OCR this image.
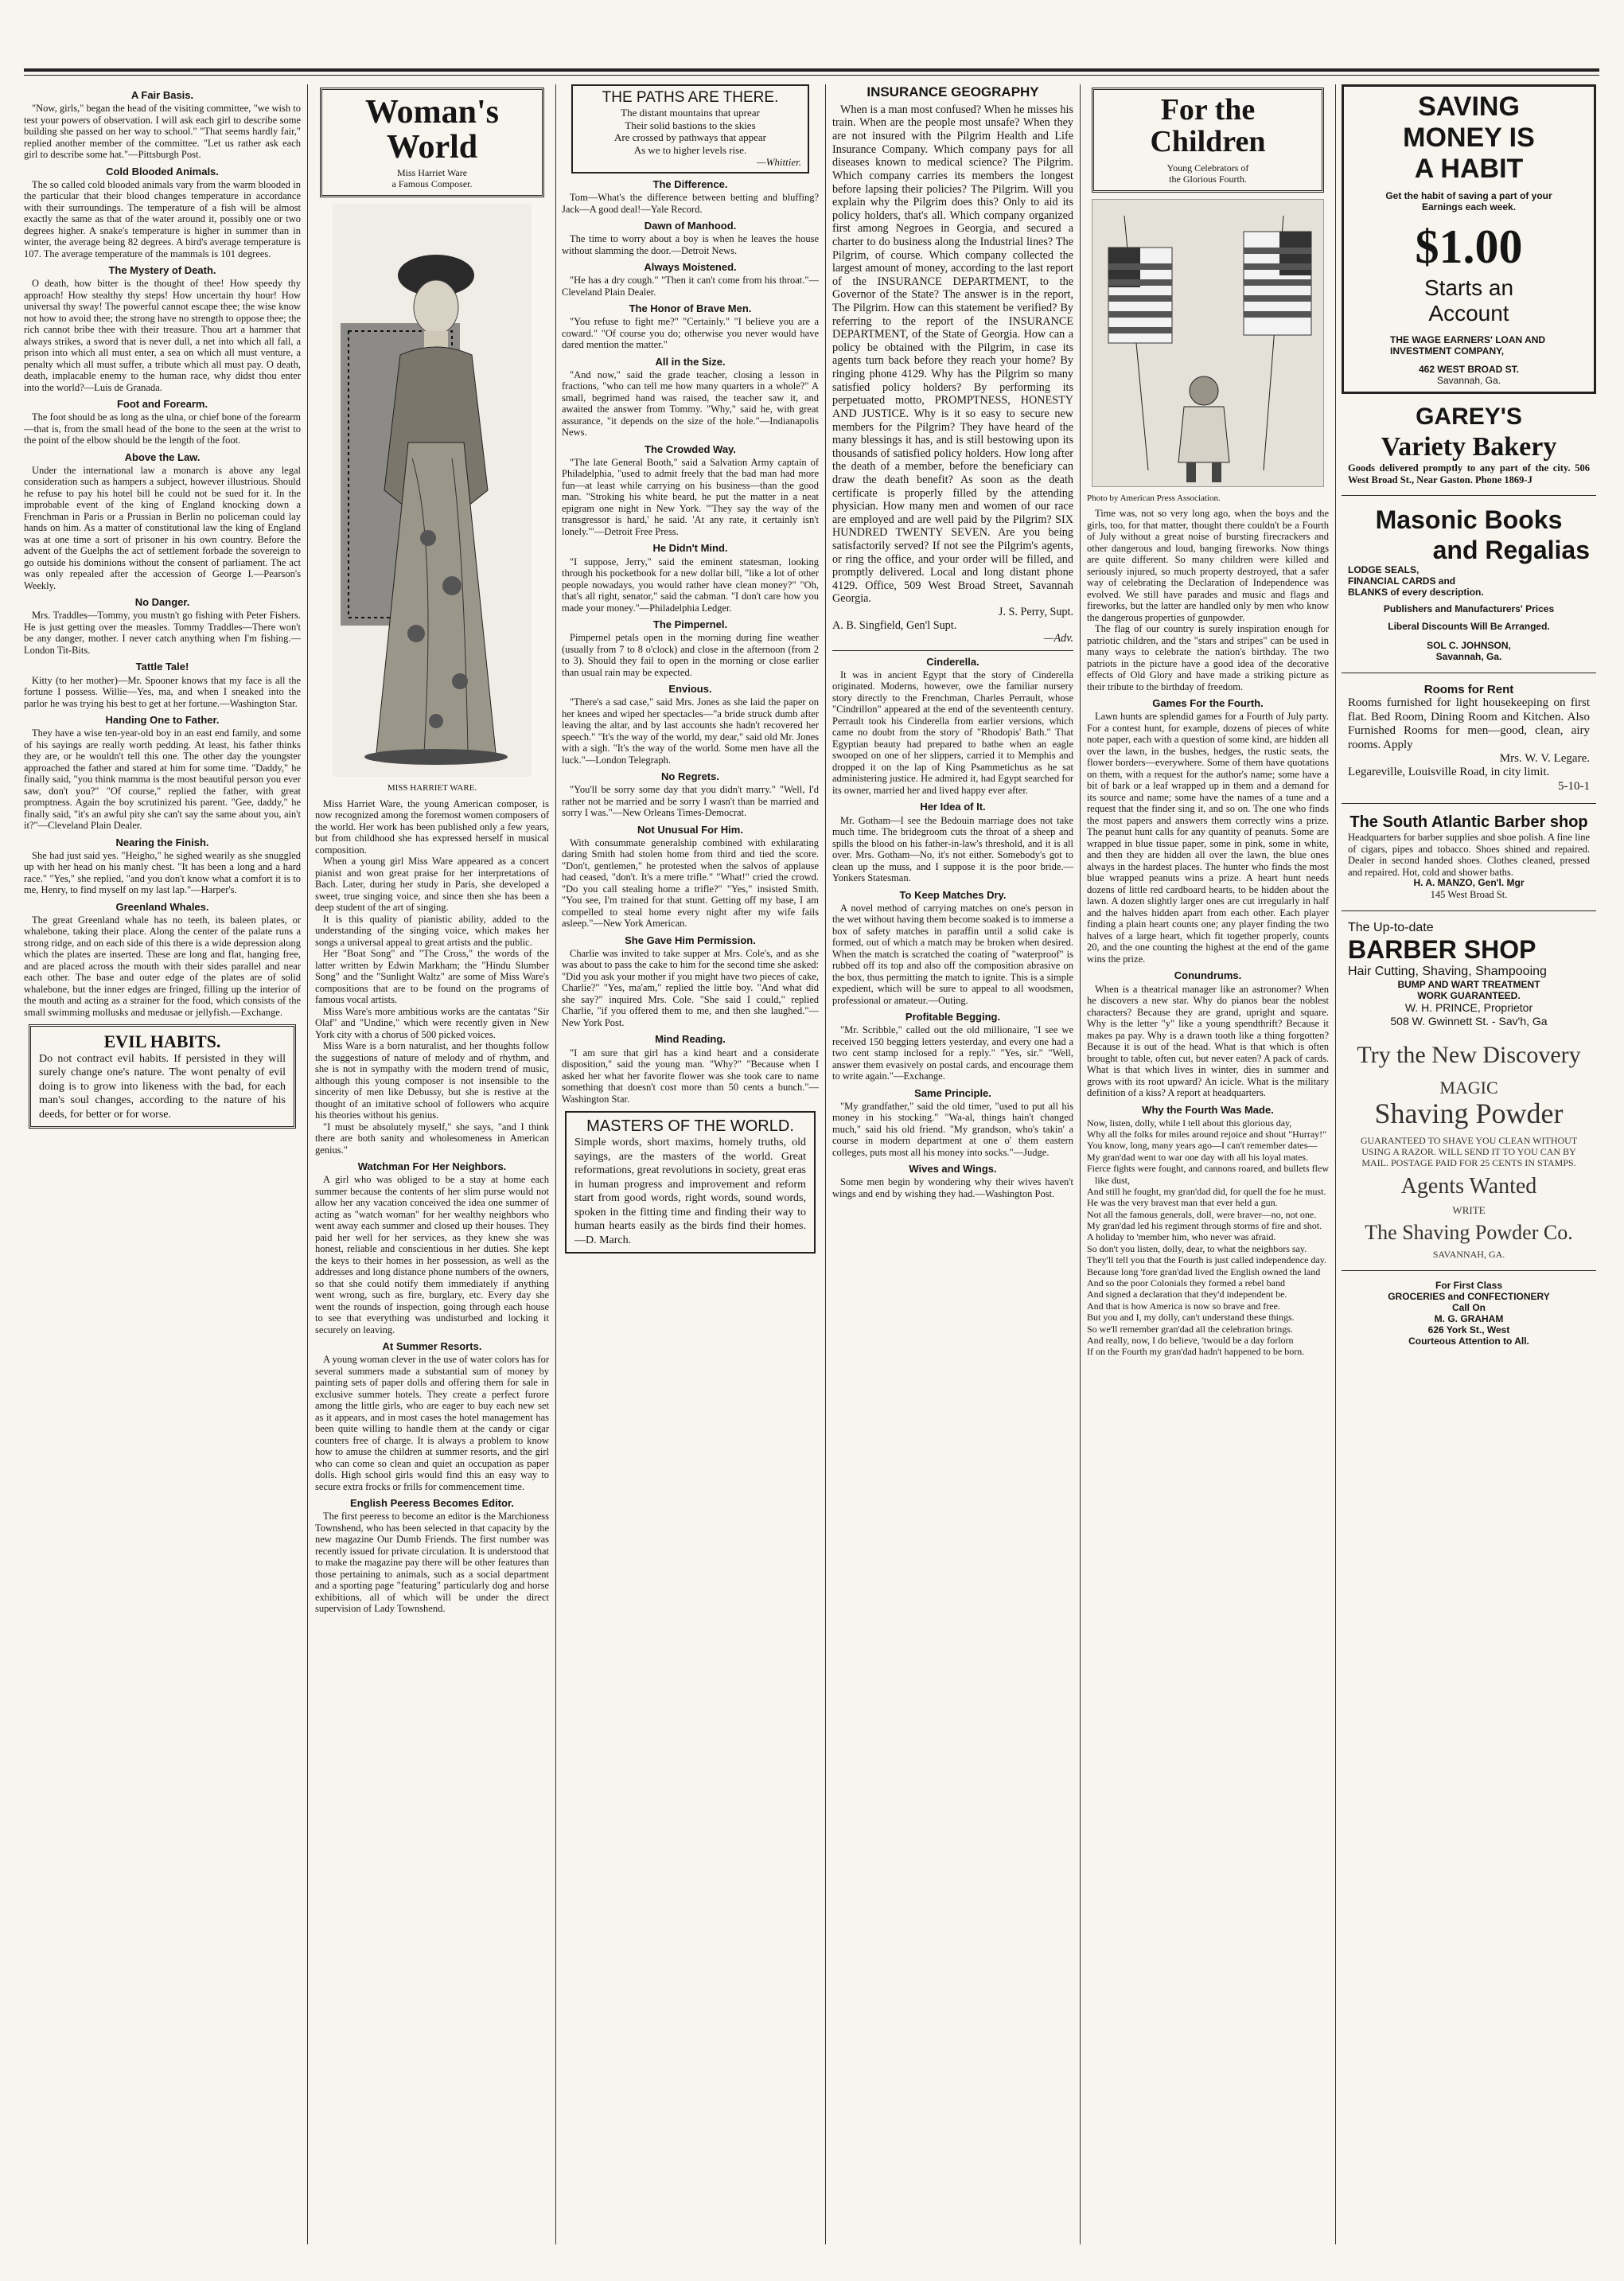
A Fair Basis.

"Now, girls," began the head of the visiting committee, "we wish to test your powers of observation. I will ask each girl to describe some building she passed on her way to school." "That seems hardly fair," replied another member of the committee. "Let us rather ask each girl to describe some hat."—Pittsburgh Post.

Cold Blooded Animals.

The so called cold blooded animals vary from the warm blooded in the particular that their blood changes temperature in accordance with their surroundings. The temperature of a fish will be almost exactly the same as that of the water around it, possibly one or two degrees higher. A snake's temperature is higher in summer than in winter, the average being 82 degrees. A bird's average temperature is 107. The average temperature of the mammals is 101 degrees.

The Mystery of Death.

O death, how bitter is the thought of thee! How speedy thy approach! How stealthy thy steps! How uncertain thy hour! How universal thy sway! The powerful cannot escape thee; the wise know not how to avoid thee; the strong have no strength to oppose thee; the rich cannot bribe thee with their treasure. Thou art a hammer that always strikes, a sword that is never dull, a net into which all fall, a prison into which all must enter, a sea on which all must venture, a penalty which all must suffer, a tribute which all must pay. O death, death, implacable enemy to the human race, why didst thou enter into the world?—Luis de Granada.

Foot and Forearm.

The foot should be as long as the ulna, or chief bone of the forearm—that is, from the small head of the bone to the seen at the wrist to the point of the elbow should be the length of the foot.

Above the Law.

Under the international law a monarch is above any legal consideration such as hampers a subject, however illustrious. Should he refuse to pay his hotel bill he could not be sued for it. In the improbable event of the king of England knocking down a Frenchman in Paris or a Prussian in Berlin no policeman could lay hands on him. As a matter of constitutional law the king of England was at one time a sort of prisoner in his own country. Before the advent of the Guelphs the act of settlement forbade the sovereign to go outside his dominions without the consent of parliament. The act was only repealed after the accession of George I.—Pearson's Weekly.

No Danger.

Mrs. Traddles—Tommy, you mustn't go fishing with Peter Fishers. He is just getting over the measles. Tommy Traddles—There won't be any danger, mother. I never catch anything when I'm fishing.—London Tit-Bits.

Tattle Tale!

Kitty (to her mother)—Mr. Spooner knows that my face is all the fortune I possess. Willie—Yes, ma, and when I sneaked into the parlor he was trying his best to get at her fortune.—Washington Star.

Handing One to Father.

They have a wise ten-year-old boy in an east end family, and some of his sayings are really worth pedding. At least, his father thinks they are, or he wouldn't tell this one. The other day the youngster approached the father and stared at him for some time. "Daddy," he finally said, "you think mamma is the most beautiful person you ever saw, don't you?" "Of course," replied the father, with great promptness. Again the boy scrutinized his parent. "Gee, daddy," he finally said, "it's an awful pity she can't say the same about you, ain't it?"—Cleveland Plain Dealer.

Nearing the Finish.

She had just said yes. "Heigho," he sighed wearily as she snuggled up with her head on his manly chest. "It has been a long and a hard race." "Yes," she replied, "and you don't know what a comfort it is to me, Henry, to find myself on my last lap."—Harper's.

Greenland Whales.

The great Greenland whale has no teeth, its baleen plates, or whalebone, taking their place. Along the center of the palate runs a strong ridge, and on each side of this there is a wide depression along which the plates are inserted. These are long and flat, hanging free, and are placed across the mouth with their sides parallel and near each other. The base and outer edge of the plates are of solid whalebone, but the inner edges are fringed, filling up the interior of the mouth and acting as a strainer for the food, which consists of the small swimming mollusks and medusae or jellyfish.—Exchange.

EVIL HABITS.
Do not contract evil habits. If persisted in they will surely change one's nature. The wont penalty of evil doing is to grow into likeness with the bad, for each man's soul changes, according to the nature of his deeds, for better or for worse.
Woman's World
Miss Harriet Ware
a Famous Composer.
MISS HARRIET WARE.

Miss Harriet Ware, the young American composer, is now recognized among the foremost women composers of the world. Her work has been published only a few years, but from childhood she has expressed herself in musical composition.

When a young girl Miss Ware appeared as a concert pianist and won great praise for her interpretations of Bach. Later, during her study in Paris, she developed a sweet, true singing voice, and since then she has been a deep student of the art of singing.

It is this quality of pianistic ability, added to the understanding of the singing voice, which makes her songs a universal appeal to great artists and the public.

Her "Boat Song" and "The Cross," the words of the latter written by Edwin Markham; the "Hindu Slumber Song" and the "Sunlight Waltz" are some of Miss Ware's compositions that are to be found on the programs of famous vocal artists.

Miss Ware's more ambitious works are the cantatas "Sir Olaf" and "Undine," which were recently given in New York city with a chorus of 500 picked voices.

Miss Ware is a born naturalist, and her thoughts follow the suggestions of nature of melody and of rhythm, and she is not in sympathy with the modern trend of music, although this young composer is not insensible to the sincerity of men like Debussy, but she is restive at the thought of an imitative school of followers who acquire his theories without his genius.

"I must be absolutely myself," she says, "and I think there are both sanity and wholesomeness in American genius."

Watchman For Her Neighbors.

A girl who was obliged to be a stay at home each summer because the contents of her slim purse would not allow her any vacation conceived the idea one summer of acting as "watch woman" for her wealthy neighbors who went away each summer and closed up their houses. They paid her well for her services, as they knew she was honest, reliable and conscientious in her duties. She kept the keys to their homes in her possession, as well as the addresses and long distance phone numbers of the owners, so that she could notify them immediately if anything went wrong, such as fire, burglary, etc. Every day she went the rounds of inspection, going through each house to see that everything was undisturbed and locking it securely on leaving.

At Summer Resorts.

A young woman clever in the use of water colors has for several summers made a substantial sum of money by painting sets of paper dolls and offering them for sale in exclusive summer hotels. They create a perfect furore among the little girls, who are eager to buy each new set as it appears, and in most cases the hotel management has been quite willing to handle them at the candy or cigar counters free of charge. It is always a problem to know how to amuse the children at summer resorts, and the girl who can come so clean and quiet an occupation as paper dolls. High school girls would find this an easy way to secure extra frocks or frills for commencement time.

English Peeress Becomes Editor.

The first peeress to become an editor is the Marchioness Townshend, who has been selected in that capacity by the new magazine Our Dumb Friends. The first number was recently issued for private circulation. It is understood that to make the magazine pay there will be other features than those pertaining to animals, such as a social department and a sporting page "featuring" particularly dog and horse exhibitions, all of which will be under the direct supervision of Lady Townshend.

THE PATHS ARE THERE.
The distant mountains that uprear
Their solid bastions to the skies
Are crossed by pathways that appear
As we to higher levels rise.
—Whittier.
The Difference.

Tom—What's the difference between betting and bluffing? Jack—A good deal!—Yale Record.

Dawn of Manhood.

The time to worry about a boy is when he leaves the house without slamming the door.—Detroit News.

Always Moistened.

"He has a dry cough." "Then it can't come from his throat."—Cleveland Plain Dealer.

The Honor of Brave Men.

"You refuse to fight me?" "Certainly." "I believe you are a coward." "Of course you do; otherwise you never would have dared mention the matter."

All in the Size.

"And now," said the grade teacher, closing a lesson in fractions, "who can tell me how many quarters in a whole?" A small, begrimed hand was raised, the teacher saw it, and awaited the answer from Tommy. "Why," said he, with great assurance, "it depends on the size of the hole."—Indianapolis News.

The Crowded Way.

"The late General Booth," said a Salvation Army captain of Philadelphia, "used to admit freely that the bad man had more fun—at least while carrying on his business—than the good man. "Stroking his white beard, he put the matter in a neat epigram one night in New York. "'They say the way of the transgressor is hard,' he said. 'At any rate, it certainly isn't lonely.'"—Detroit Free Press.

He Didn't Mind.

"I suppose, Jerry," said the eminent statesman, looking through his pocketbook for a new dollar bill, "like a lot of other people nowadays, you would rather have clean money?" "Oh, that's all right, senator," said the cabman. "I don't care how you made your money."—Philadelphia Ledger.

The Pimpernel.

Pimpernel petals open in the morning during fine weather (usually from 7 to 8 o'clock) and close in the afternoon (from 2 to 3). Should they fail to open in the morning or close earlier than usual rain may be expected.

Envious.

"There's a sad case," said Mrs. Jones as she laid the paper on her knees and wiped her spectacles—"a bride struck dumb after leaving the altar, and by last accounts she hadn't recovered her speech." "It's the way of the world, my dear," said old Mr. Jones with a sigh. "It's the way of the world. Some men have all the luck."—London Telegraph.

No Regrets.

"You'll be sorry some day that you didn't marry." "Well, I'd rather not be married and be sorry I wasn't than be married and sorry I was."—New Orleans Times-Democrat.

Not Unusual For Him.

With consummate generalship combined with exhilarating daring Smith had stolen home from third and tied the score. "Don't, gentlemen," he protested when the salvos of applause had ceased, "don't. It's a mere trifle." "What!" cried the crowd. "Do you call stealing home a trifle?" "Yes," insisted Smith. "You see, I'm trained for that stunt. Getting off my base, I am compelled to steal home every night after my wife fails asleep."—New York American.

She Gave Him Permission.

Charlie was invited to take supper at Mrs. Cole's, and as she was about to pass the cake to him for the second time she asked: "Did you ask your mother if you might have two pieces of cake, Charlie?" "Yes, ma'am," replied the little boy. "And what did she say?" inquired Mrs. Cole. "She said I could," replied Charlie, "if you offered them to me, and then she laughed."—New York Post.

Mind Reading.

"I am sure that girl has a kind heart and a considerate disposition," said the young man. "Why?" "Because when I asked her what her favorite flower was she took care to name something that doesn't cost more than 50 cents a bunch."—Washington Star.

MASTERS OF THE WORLD.
Simple words, short maxims, homely truths, old sayings, are the masters of the world. Great reformations, great revolutions in society, great eras in human progress and improvement and reform start from good words, right words, sound words, spoken in the fitting time and finding their way to human hearts easily as the birds find their homes.—D. March.
INSURANCE GEOGRAPHY

When is a man most confused? When he misses his train. When are the people most unsafe? When they are not insured with the Pilgrim Health and Life Insurance Company. Which company pays for all diseases known to medical science? The Pilgrim. Which company carries its members the longest before lapsing their policies? The Pilgrim. Will you explain why the Pilgrim does this? Only to aid its policy holders, that's all. Which company organized first among Negroes in Georgia, and secured a charter to do business along the Industrial lines? The Pilgrim, of course. Which company collected the largest amount of money, according to the last report of the INSURANCE DEPARTMENT, to the Governor of the State? The answer is in the report, The Pilgrim. How can this statement be verified? By referring to the report of the INSURANCE DEPARTMENT, of the State of Georgia. How can a policy be obtained with the Pilgrim, in case its agents turn back before they reach your home? By ringing phone 4129. Why has the Pilgrim so many satisfied policy holders? By performing its perpetuated motto, PROMPTNESS, HONESTY AND JUSTICE. Why is it so easy to secure new members for the Pilgrim? They have heard of the many blessings it has, and is still bestowing upon its thousands of satisfied policy holders. How long after the death of a member, before the beneficiary can draw the death benefit? As soon as the death certificate is properly filled by the attending physician. How many men and women of our race are employed and are well paid by the Pilgrim? SIX HUNDRED TWENTY SEVEN. Are you being satisfactorily served? If not see the Pilgrim's agents, or ring the office, and your order will be filled, and promptly delivered. Local and long distant phone 4129. Office, 509 West Broad Street, Savannah Georgia.

J. S. Perry, Supt.
A. B. Singfield, Gen'l Supt.
—Adv.
Cinderella.

It was in ancient Egypt that the story of Cinderella originated. Moderns, however, owe the familiar nursery story directly to the Frenchman, Charles Perrault, whose "Cindrillon" appeared at the end of the seventeenth century. Perrault took his Cinderella from earlier versions, which came no doubt from the story of "Rhodopis' Bath." That Egyptian beauty had prepared to bathe when an eagle swooped on one of her slippers, carried it to Memphis and dropped it on the lap of King Psammetichus as he sat administering justice. He admired it, had Egypt searched for its owner, married her and lived happy ever after.

Her Idea of It.

Mr. Gotham—I see the Bedouin marriage does not take much time. The bridegroom cuts the throat of a sheep and spills the blood on his father-in-law's threshold, and it is all over. Mrs. Gotham—No, it's not either. Somebody's got to clean up the muss, and I suppose it is the poor bride.—Yonkers Statesman.

To Keep Matches Dry.

A novel method of carrying matches on one's person in the wet without having them become soaked is to immerse a box of safety matches in paraffin until a solid cake is formed, out of which a match may be broken when desired. When the match is scratched the coating of "waterproof" is rubbed off its top and also off the composition abrasive on the box, thus permitting the match to ignite. This is a simple expedient, which will be sure to appeal to all woodsmen, professional or amateur.—Outing.

Profitable Begging.

"Mr. Scribble," called out the old millionaire, "I see we received 150 begging letters yesterday, and every one had a two cent stamp inclosed for a reply." "Yes, sir." "Well, answer them evasively on postal cards, and encourage them to write again."—Exchange.

Same Principle.

"My grandfather," said the old timer, "used to put all his money in his stocking." "Wa-al, things hain't changed much," said his old friend. "My grandson, who's takin' a course in modern department at one o' them eastern colleges, puts most all his money into socks."—Judge.

Wives and Wings.

Some men begin by wondering why their wives haven't wings and end by wishing they had.—Washington Post.

For the Children
Young Celebrators of
the Glorious Fourth.
Photo by American Press Association.

Time was, not so very long ago, when the boys and the girls, too, for that matter, thought there couldn't be a Fourth of July without a great noise of bursting firecrackers and other dangerous and loud, banging fireworks. Now things are quite different. So many children were killed and seriously injured, so much property destroyed, that a safer way of celebrating the Declaration of Independence was evolved. We still have parades and music and flags and fireworks, but the latter are handled only by men who know the dangerous properties of gunpowder.

The flag of our country is surely inspiration enough for patriotic children, and the "stars and stripes" can be used in many ways to celebrate the nation's birthday. The two patriots in the picture have a good idea of the decorative effects of Old Glory and have made a striking picture as their tribute to the birthday of freedom.

Games For the Fourth.

Lawn hunts are splendid games for a Fourth of July party. For a contest hunt, for example, dozens of pieces of white note paper, each with a question of some kind, are hidden all over the lawn, in the bushes, hedges, the rustic seats, the flower borders—everywhere. Some of them have quotations on them, with a request for the author's name; some have a bit of bark or a leaf wrapped up in them and a demand for its source and name; some have the names of a tune and a request that the finder sing it, and so on. The one who finds the most papers and answers them correctly wins a prize. The peanut hunt calls for any quantity of peanuts. Some are wrapped in blue tissue paper, some in pink, some in white, and then they are hidden all over the lawn, the blue ones always in the hardest places. The hunter who finds the most blue wrapped peanuts wins a prize. A heart hunt needs dozens of little red cardboard hearts, to be hidden about the lawn. A dozen slightly larger ones are cut irregularly in half and the halves hidden apart from each other. Each player finding a plain heart counts one; any player finding the two halves of a large heart, which fit together properly, counts 20, and the one counting the highest at the end of the game wins the prize.

Conundrums.

When is a theatrical manager like an astronomer? When he discovers a new star. Why do pianos bear the noblest characters? Because they are grand, upright and square. Why is the letter "y" like a young spendthrift? Because it makes pa pay. Why is a drawn tooth like a thing forgotten? Because it is out of the head. What is that which is often brought to table, often cut, but never eaten? A pack of cards. What is that which lives in winter, dies in summer and grows with its root upward? An icicle. What is the military definition of a kiss? A report at headquarters.

Why the Fourth Was Made.
Now, listen, dolly, while I tell about this glorious day,
Why all the folks for miles around rejoice and shout "Hurray!"
You know, long, many years ago—I can't remember dates—
My gran'dad went to war one day with all his loyal mates.
Fierce fights were fought, and cannons roared, and bullets flew like dust,
And still he fought, my gran'dad did, for quell the foe he must.
He was the very bravest man that ever held a gun.
Not all the famous generals, doll, were braver—no, not one.
My gran'dad led his regiment through storms of fire and shot.
A holiday to 'member him, who never was afraid.
So don't you listen, dolly, dear, to what the neighbors say.
They'll tell you that the Fourth is just called independence day.
Because long 'fore gran'dad lived the English owned the land
And so the poor Colonials they formed a rebel band
And signed a declaration that they'd independent be.
And that is how America is now so brave and free.
But you and I, my dolly, can't understand these things.
So we'll remember gran'dad all the celebration brings.
And really, now, I do believe, 'twould be a day forlorn
If on the Fourth my gran'dad hadn't happened to be born.
SAVING
MONEY IS
A HABIT
Get the habit of saving a part of your Earnings each week.
$1.00
Starts an
Account
THE WAGE EARNERS' LOAN AND INVESTMENT COMPANY,
462 WEST BROAD ST.
Savannah, Ga.
GAREY'S
Variety Bakery
Goods delivered promptly to any part of the city. 506 West Broad St., Near Gaston. Phone 1869-J
Masonic Books
and Regalias
LODGE SEALS,
FINANCIAL CARDS and
BLANKS of every description.
Publishers and Manufacturers' Prices
Liberal Discounts Will Be Arranged.
SOL C. JOHNSON,
Savannah, Ga.
Rooms for Rent
Rooms furnished for light housekeeping on first flat. Bed Room, Dining Room and Kitchen. Also Furnished Rooms for men—good, clean, airy rooms. Apply
Mrs. W. V. Legare.
Legareville, Louisville Road, in city limit.
5-10-1
The South Atlantic Barber shop
Headquarters for barber supplies and shoe polish. A fine line of cigars, pipes and tobacco. Shoes shined and repaired. Dealer in second handed shoes. Clothes cleaned, pressed and repaired. Hot, cold and shower baths.
H. A. MANZO, Gen'l. Mgr
145 West Broad St.
The Up-to-date
BARBER SHOP
Hair Cutting, Shaving, Shampooing
BUMP AND WART TREATMENT
WORK GUARANTEED.
W. H. PRINCE, Proprietor
508 W. Gwinnett St. - Sav'h, Ga
Try the New Discovery
MAGIC
Shaving Powder
GUARANTEED TO SHAVE YOU CLEAN WITHOUT USING A RAZOR. WILL SEND IT TO YOU CAN BY MAIL. POSTAGE PAID FOR 25 CENTS IN STAMPS.
Agents Wanted
WRITE
The Shaving Powder Co.
SAVANNAH, GA.
For First Class
GROCERIES and CONFECTIONERY
Call On
M. G. GRAHAM
626 York St., West
Courteous Attention to All.
